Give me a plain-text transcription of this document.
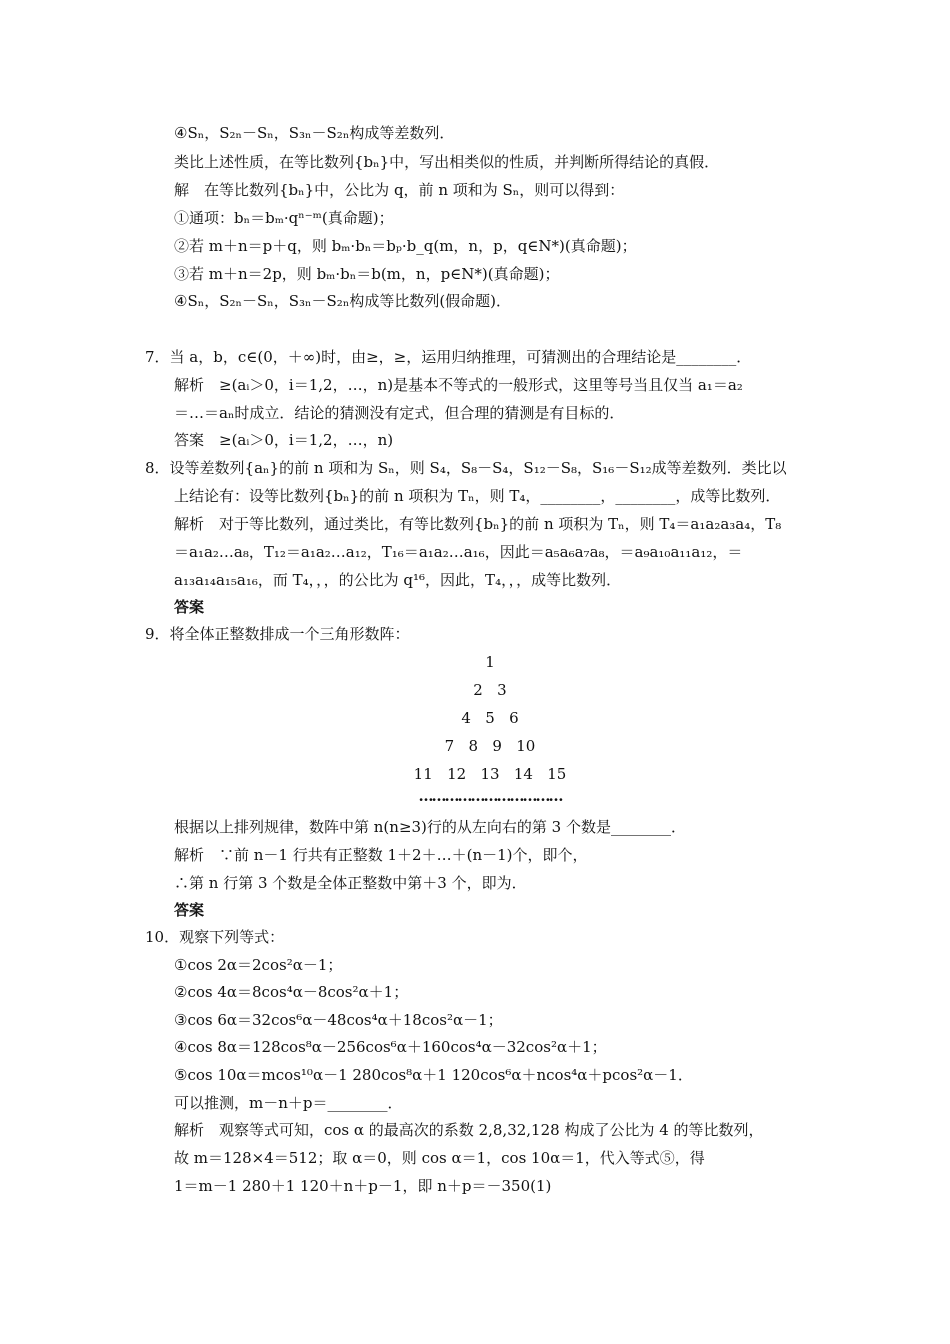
④Sₙ，S₂ₙ－Sₙ，S₃ₙ－S₂ₙ构成等差数列．
类比上述性质，在等比数列{bₙ}中，写出相类似的性质，并判断所得结论的真假．
解　在等比数列{bₙ}中，公比为 q，前 n 项和为 Sₙ，则可以得到：
①通项：bₙ＝bₘ·qⁿ⁻ᵐ(真命题)；
②若 m＋n＝p＋q，则 bₘ·bₙ＝bₚ·b_q(m，n，p，q∈N*)(真命题)；
③若 m＋n＝2p，则 bₘ·bₙ＝b(m，n，p∈N*)(真命题)；
④Sₙ，S₂ₙ－Sₙ，S₃ₙ－S₂ₙ构成等比数列(假命题)．
7．当 a，b，c∈(0，＋∞)时，由≥，≥，运用归纳推理，可猜测出的合理结论是________．
解析　≥(aᵢ＞0，i＝1,2，…，n)是基本不等式的一般形式，这里等号当且仅当 a₁＝a₂
＝…＝aₙ时成立．结论的猜测没有定式，但合理的猜测是有目标的．
答案　≥(aᵢ＞0，i＝1,2，…，n)
8．设等差数列{aₙ}的前 n 项和为 Sₙ，则 S₄，S₈－S₄，S₁₂－S₈，S₁₆－S₁₂成等差数列．类比以
上结论有：设等比数列{bₙ}的前 n 项积为 Tₙ，则 T₄，________，________，成等比数列．
解析　对于等比数列，通过类比，有等比数列{bₙ}的前 n 项积为 Tₙ，则 T₄＝a₁a₂a₃a₄，T₈
＝a₁a₂…a₈，T₁₂＝a₁a₂…a₁₂，T₁₆＝a₁a₂…a₁₆，因此＝a₅a₆a₇a₈，＝a₉a₁₀a₁₁a₁₂，＝
a₁₃a₁₄a₁₅a₁₆，而 T₄，，，的公比为 q¹⁶，因此，T₄，，，成等比数列．
答案
9．将全体正整数排成一个三角形数阵：
1
2   3
4   5   6
7   8   9   10
11   12   13   14   15
……………………………
根据以上排列规律，数阵中第 n(n≥3)行的从左向右的第 3 个数是________．
解析　∵前 n－1 行共有正整数 1＋2＋…＋(n－1)个，即个，
∴第 n 行第 3 个数是全体正整数中第＋3 个，即为．
答案
10．观察下列等式：
①cos 2α＝2cos²α－1；
②cos 4α＝8cos⁴α－8cos²α＋1；
③cos 6α＝32cos⁶α－48cos⁴α＋18cos²α－1；
④cos 8α＝128cos⁸α－256cos⁶α＋160cos⁴α－32cos²α＋1；
⑤cos 10α＝mcos¹⁰α－1 280cos⁸α＋1 120cos⁶α＋ncos⁴α＋pcos²α－1．
可以推测，m－n＋p＝________．
解析　观察等式可知，cos α 的最高次的系数 2,8,32,128 构成了公比为 4 的等比数列，
故 m＝128×4＝512；取 α＝0，则 cos α＝1，cos 10α＝1，代入等式⑤，得
1＝m－1 280＋1 120＋n＋p－1，即 n＋p＝－350(1)
